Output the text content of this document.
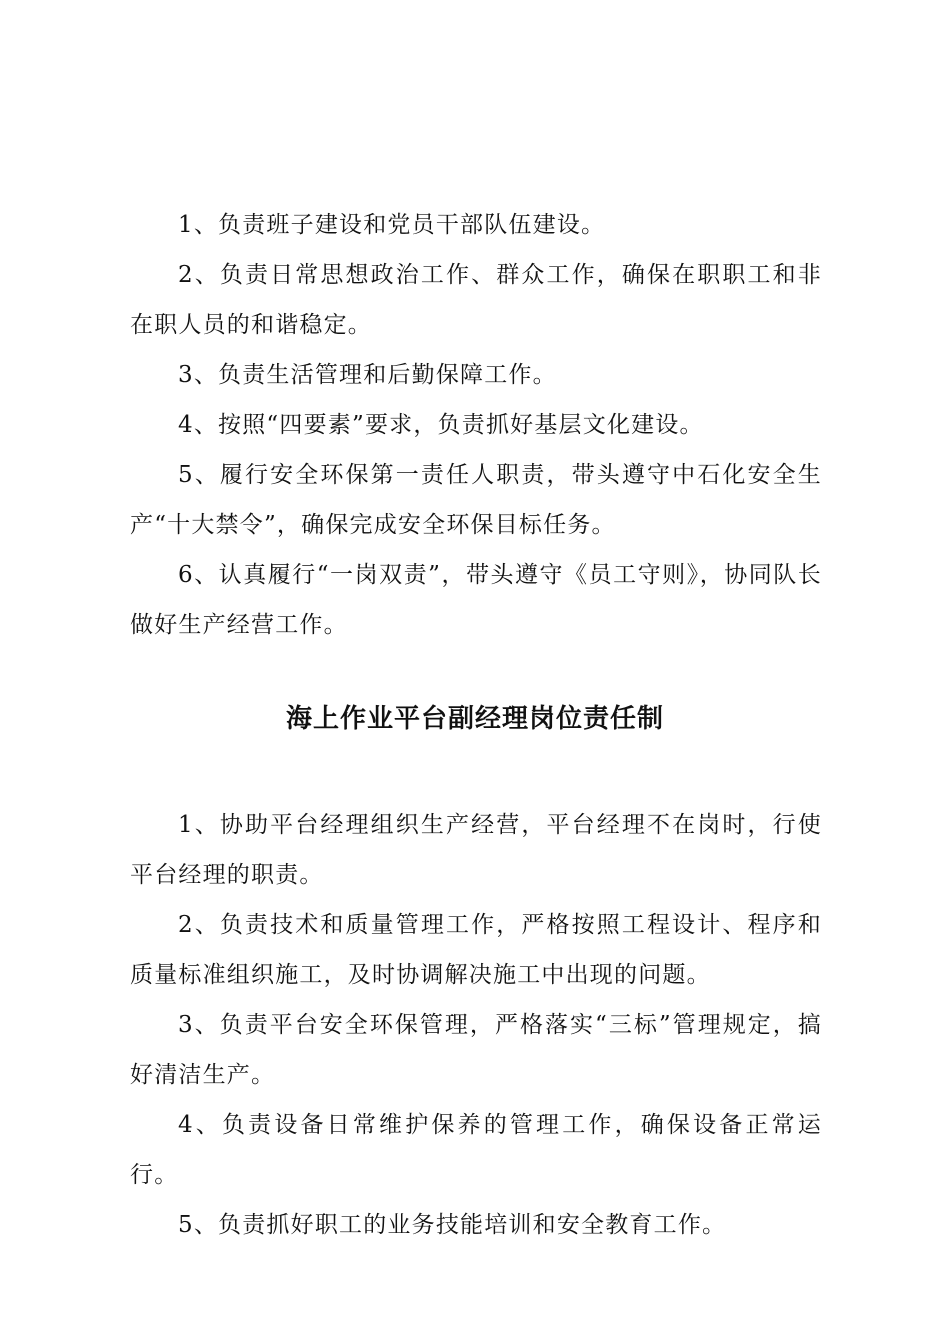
1、负责班子建设和党员干部队伍建设。

2、负责日常思想政治工作、群众工作，确保在职职工和非在职人员的和谐稳定。

3、负责生活管理和后勤保障工作。

4、按照“四要素”要求，负责抓好基层文化建设。

5、履行安全环保第一责任人职责，带头遵守中石化安全生产“十大禁令”，确保完成安全环保目标任务。

6、认真履行“一岗双责”，带头遵守《员工守则》，协同队长做好生产经营工作。

海上作业平台副经理岗位责任制

1、协助平台经理组织生产经营，平台经理不在岗时，行使平台经理的职责。

2、负责技术和质量管理工作，严格按照工程设计、程序和质量标准组织施工，及时协调解决施工中出现的问题。

3、负责平台安全环保管理，严格落实“三标”管理规定，搞好清洁生产。

4、负责设备日常维护保养的管理工作，确保设备正常运行。

5、负责抓好职工的业务技能培训和安全教育工作。
